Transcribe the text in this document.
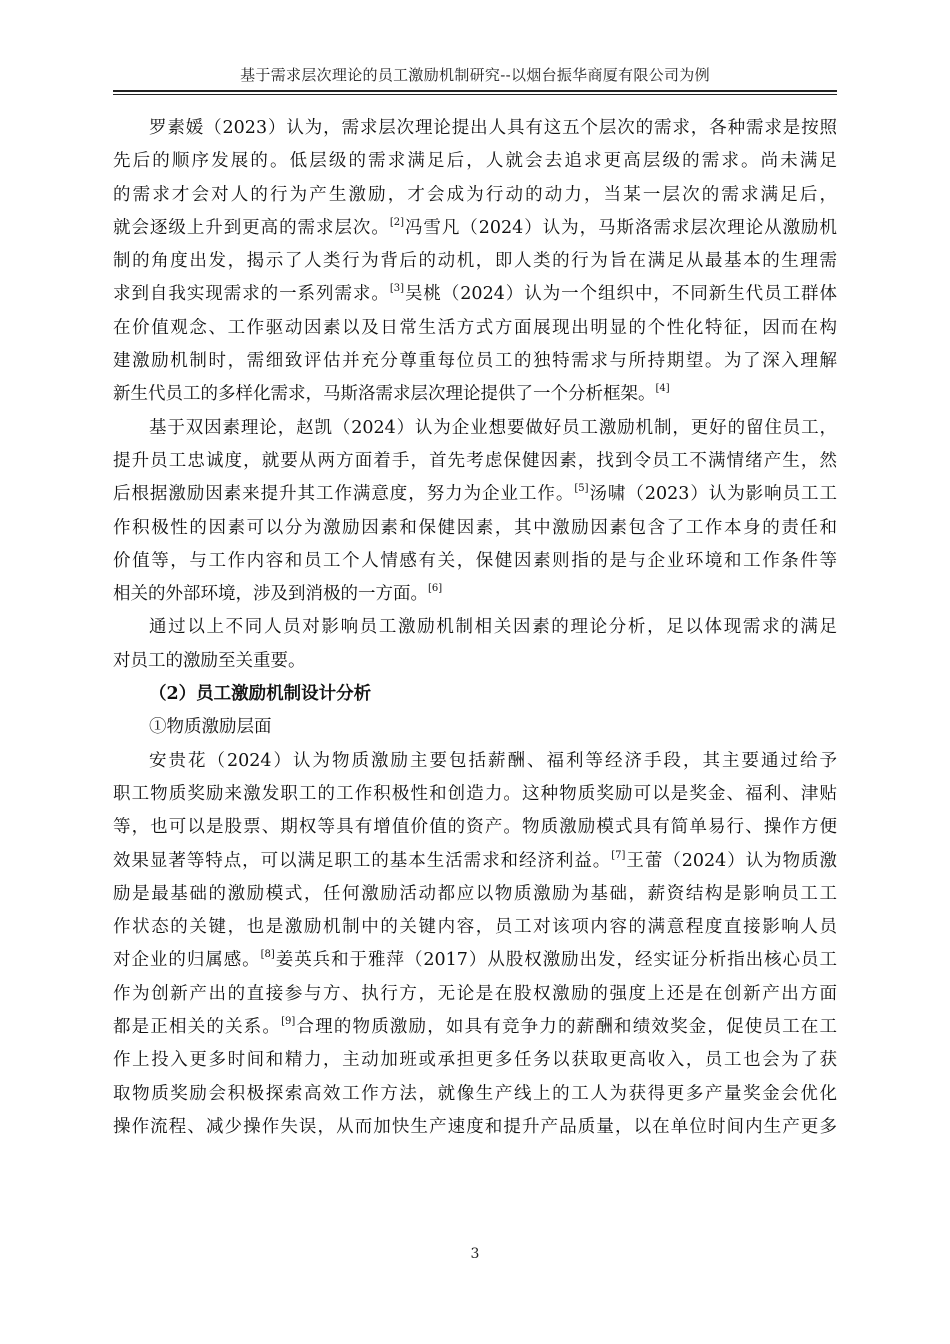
基于需求层次理论的员工激励机制研究--以烟台振华商厦有限公司为例
罗素媛（2023）认为，需求层次理论提出人具有这五个层次的需求，各种需求是按照
先后的顺序发展的。低层级的需求满足后，人就会去追求更高层级的需求。尚未满足
的需求才会对人的行为产生激励，才会成为行动的动力，当某一层次的需求满足后，
就会逐级上升到更高的需求层次。[2]冯雪凡（2024）认为，马斯洛需求层次理论从激励机
制的角度出发，揭示了人类行为背后的动机，即人类的行为旨在满足从最基本的生理需
求到自我实现需求的一系列需求。[3]吴桃（2024）认为一个组织中，不同新生代员工群体
在价值观念、工作驱动因素以及日常生活方式方面展现出明显的个性化特征，因而在构
建激励机制时，需细致评估并充分尊重每位员工的独特需求与所持期望。为了深入理解
新生代员工的多样化需求，马斯洛需求层次理论提供了一个分析框架。[4]
基于双因素理论，赵凯（2024）认为企业想要做好员工激励机制，更好的留住员工，
提升员工忠诚度，就要从两方面着手，首先考虑保健因素，找到令员工不满情绪产生，然
后根据激励因素来提升其工作满意度，努力为企业工作。[5]汤啸（2023）认为影响员工工
作积极性的因素可以分为激励因素和保健因素，其中激励因素包含了工作本身的责任和
价值等，与工作内容和员工个人情感有关，保健因素则指的是与企业环境和工作条件等
相关的外部环境，涉及到消极的一方面。[6]
通过以上不同人员对影响员工激励机制相关因素的理论分析，足以体现需求的满足
对员工的激励至关重要。
（2）员工激励机制设计分析
①物质激励层面
安贵花（2024）认为物质激励主要包括薪酬、福利等经济手段，其主要通过给予
职工物质奖励来激发职工的工作积极性和创造力。这种物质奖励可以是奖金、福利、津贴
等，也可以是股票、期权等具有增值价值的资产。物质激励模式具有简单易行、操作方便
效果显著等特点，可以满足职工的基本生活需求和经济利益。[7]王蕾（2024）认为物质激
励是最基础的激励模式，任何激励活动都应以物质激励为基础，薪资结构是影响员工工
作状态的关键，也是激励机制中的关键内容，员工对该项内容的满意程度直接影响人员
对企业的归属感。[8]姜英兵和于雅萍（2017）从股权激励出发，经实证分析指出核心员工
作为创新产出的直接参与方、执行方，无论是在股权激励的强度上还是在创新产出方面
都是正相关的关系。[9]合理的物质激励，如具有竞争力的薪酬和绩效奖金，促使员工在工
作上投入更多时间和精力，主动加班或承担更多任务以获取更高收入，员工也会为了获
取物质奖励会积极探索高效工作方法，就像生产线上的工人为获得更多产量奖金会优化
操作流程、减少操作失误，从而加快生产速度和提升产品质量，以在单位时间内生产更多
3
